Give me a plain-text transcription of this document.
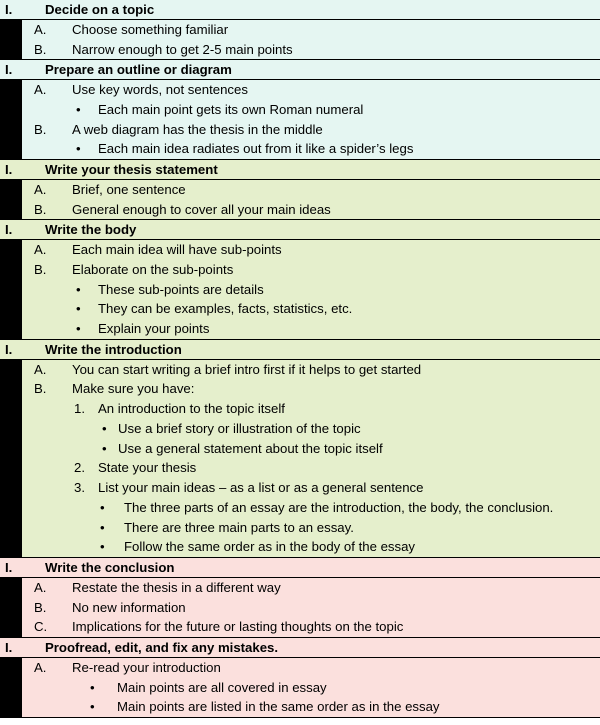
I. Decide on a topic
A. Choose something familiar
B. Narrow enough to get 2-5 main points
I. Prepare an outline or diagram
A. Use key words, not sentences
• Each main point gets its own Roman numeral
B. A web diagram has the thesis in the middle
• Each main idea radiates out from it like a spider’s legs
I. Write your thesis statement
A. Brief, one sentence
B. General enough to cover all your main ideas
I. Write the body
A. Each main idea will have sub-points
B. Elaborate on the sub-points
• These sub-points are details
• They can be examples, facts, statistics, etc.
• Explain your points
I. Write the introduction
A. You can start writing a brief intro first if it helps to get started
B. Make sure you have:
1. An introduction to the topic itself
• Use a brief story or illustration of the topic
• Use a general statement about the topic itself
2. State your thesis
3. List your main ideas – as a list or as a general sentence
• The three parts of an essay are the introduction, the body, the conclusion.
• There are three main parts to an essay.
• Follow the same order as in the body of the essay
I. Write the conclusion
A. Restate the thesis in a different way
B. No new information
C. Implications for the future or lasting thoughts on the topic
I. Proofread, edit, and fix any mistakes.
A. Re-read your introduction
• Main points are all covered in essay
• Main points are listed in the same order as in the essay
